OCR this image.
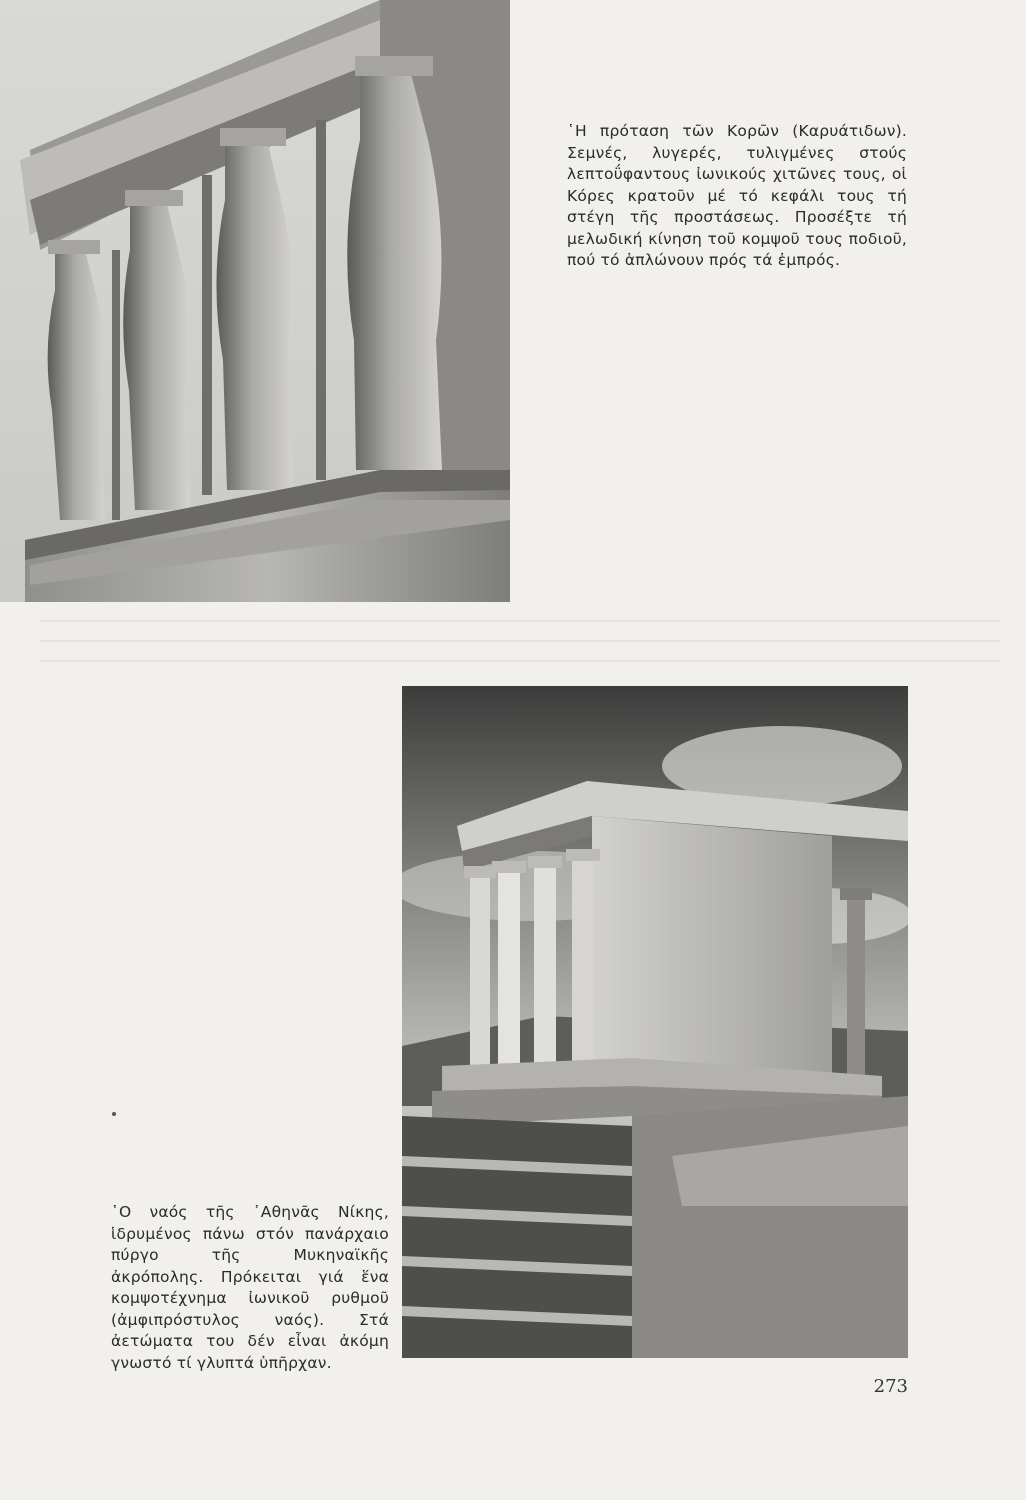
῾Η πρόταση τῶν Κορῶν (Καρυάτιδων). Σεμνές, λυγερές, τυλιγμένες στούς λεπτοΰφαντους ἰωνικούς χιτῶνες τους, οἱ Κόρες κρατοῦν μέ τό κεφάλι τους τή στέγη τῆς προστάσεως. Προσέξτε τή μελωδική κίνηση τοῦ κομψοῦ τους ποδιοῦ, πού τό ἁπλώνουν πρός τά ἐμπρός.

῾Ο ναός τῆς ᾿Αθηνᾶς Νίκης, ἱδρυμένος πάνω στόν πανάρχαιο πύργο τῆς Μυκηναϊκῆς ἀκρόπολης. Πρόκειται γιά ἕνα κομψοτέχνημα ἰωνικοῦ ρυθμοῦ (ἀμφιπρόστυλος ναός). Στά ἀετώματα του δέν εἶναι ἀκόμη γνωστό τί γλυπτά ὑπῆρχαν.

273
